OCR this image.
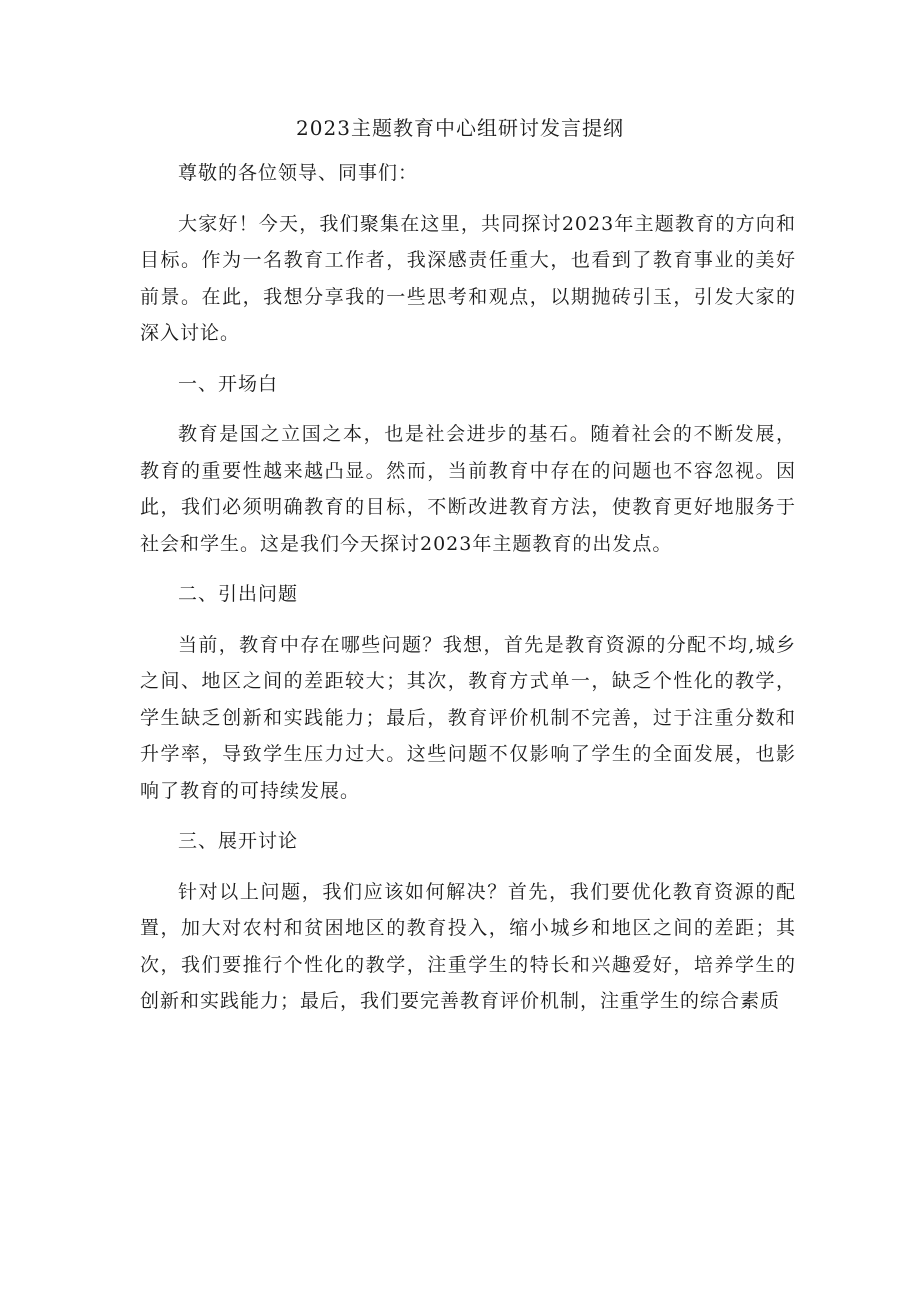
2023主题教育中心组研讨发言提纲

尊敬的各位领导、同事们：

大家好！今天，我们聚集在这里，共同探讨2023年主题教育的方向和目标。作为一名教育工作者，我深感责任重大，也看到了教育事业的美好前景。在此，我想分享我的一些思考和观点，以期抛砖引玉，引发大家的深入讨论。

一、开场白

教育是国之立国之本，也是社会进步的基石。随着社会的不断发展，教育的重要性越来越凸显。然而，当前教育中存在的问题也不容忽视。因此，我们必须明确教育的目标，不断改进教育方法，使教育更好地服务于社会和学生。这是我们今天探讨2023年主题教育的出发点。

二、引出问题

当前，教育中存在哪些问题？我想，首先是教育资源的分配不均,城乡之间、地区之间的差距较大；其次，教育方式单一，缺乏个性化的教学，学生缺乏创新和实践能力；最后，教育评价机制不完善，过于注重分数和升学率，导致学生压力过大。这些问题不仅影响了学生的全面发展，也影响了教育的可持续发展。

三、展开讨论

针对以上问题，我们应该如何解决？首先，我们要优化教育资源的配置，加大对农村和贫困地区的教育投入，缩小城乡和地区之间的差距；其次，我们要推行个性化的教学，注重学生的特长和兴趣爱好，培养学生的创新和实践能力；最后，我们要完善教育评价机制，注重学生的综合素质
